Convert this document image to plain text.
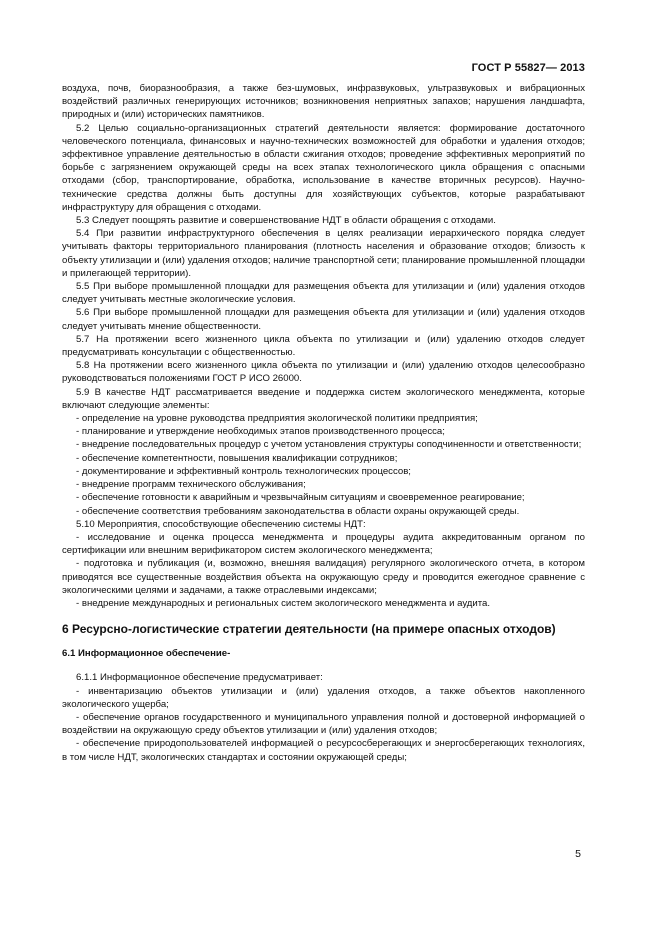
ГОСТ Р 55827— 2013

воздуха, почв, биоразнообразия, а также без-шумовых, инфразвуковых, ультразвуковых и вибрационных воздействий различных генерирующих источников; возникновения неприятных запахов; нарушения ландшафта, природных и (или) исторических памятников.

5.2 Целью социально-организационных стратегий деятельности является: формирование достаточного человеческого потенциала, финансовых и научно-технических возможностей для обработки и удаления отходов; эффективное управление деятельностью в области сжигания отходов; проведение эффективных мероприятий по борьбе с загрязнением окружающей среды на всех этапах технологического цикла обращения с опасными отходами (сбор, транспортирование, обработка, использование в качестве вторичных ресурсов). Научно-технические средства должны быть доступны для хозяйствующих субъектов, которые разрабатывают инфраструктуру для обращения с отходами.

5.3 Следует поощрять развитие и совершенствование НДТ в области обращения с отходами.

5.4 При развитии инфраструктурного обеспечения в целях реализации иерархического порядка следует учитывать факторы территориального планирования (плотность населения и образование отходов; близость к объекту утилизации и (или) удаления отходов; наличие транспортной сети; планирование промышленной площадки и прилегающей территории).

5.5 При выборе промышленной площадки для размещения объекта для утилизации и (или) удаления отходов следует учитывать местные экологические условия.

5.6 При выборе промышленной площадки для размещения объекта для утилизации и (или) удаления отходов следует учитывать мнение общественности.

5.7 На протяжении всего жизненного цикла объекта по утилизации и (или) удалению отходов следует предусматривать консультации с общественностью.

5.8 На протяжении всего жизненного цикла объекта по утилизации и (или) удалению отходов целесообразно руководствоваться положениями ГОСТ Р ИСО 26000.

5.9 В качестве НДТ рассматривается введение и поддержка систем экологического менеджмента, которые включают следующие элементы:

- определение на уровне руководства предприятия экологической политики предприятия;

- планирование и утверждение необходимых этапов производственного процесса;

- внедрение последовательных процедур с учетом установления структуры соподчиненности и ответственности;

- обеспечение компетентности, повышения квалификации сотрудников;

- документирование и эффективный контроль технологических процессов;

- внедрение программ технического обслуживания;

- обеспечение готовности к аварийным и чрезвычайным ситуациям и своевременное реагирование;

- обеспечение соответствия требованиям законодательства в области охраны окружающей среды.

5.10 Мероприятия, способствующие обеспечению системы НДТ:

- исследование и оценка процесса менеджмента и процедуры аудита аккредитованным органом по сертификации или внешним верификатором систем экологического менеджмента;

- подготовка и публикация (и, возможно, внешняя валидация) регулярного экологического отчета, в котором приводятся все существенные воздействия объекта на окружающую среду и проводится ежегодное сравнение с экологическими целями и задачами, а также отраслевыми индексами;

- внедрение международных и региональных систем экологического менеджмента и аудита.

6 Ресурсно-логистические стратегии деятельности (на примере опасных отходов)
6.1 Информационное обеспечение-

6.1.1 Информационное обеспечение предусматривает:

- инвентаризацию объектов утилизации и (или) удаления отходов, а также объектов накопленного экологического ущерба;

- обеспечение органов государственного и муниципального управления полной и достоверной информацией о воздействии на окружающую среду объектов утилизации и (или) удаления отходов;

- обеспечение природопользователей информацией о ресурсосберегающих и энергосберегающих технологиях, в том числе НДТ, экологических стандартах и состоянии окружающей среды;

5
